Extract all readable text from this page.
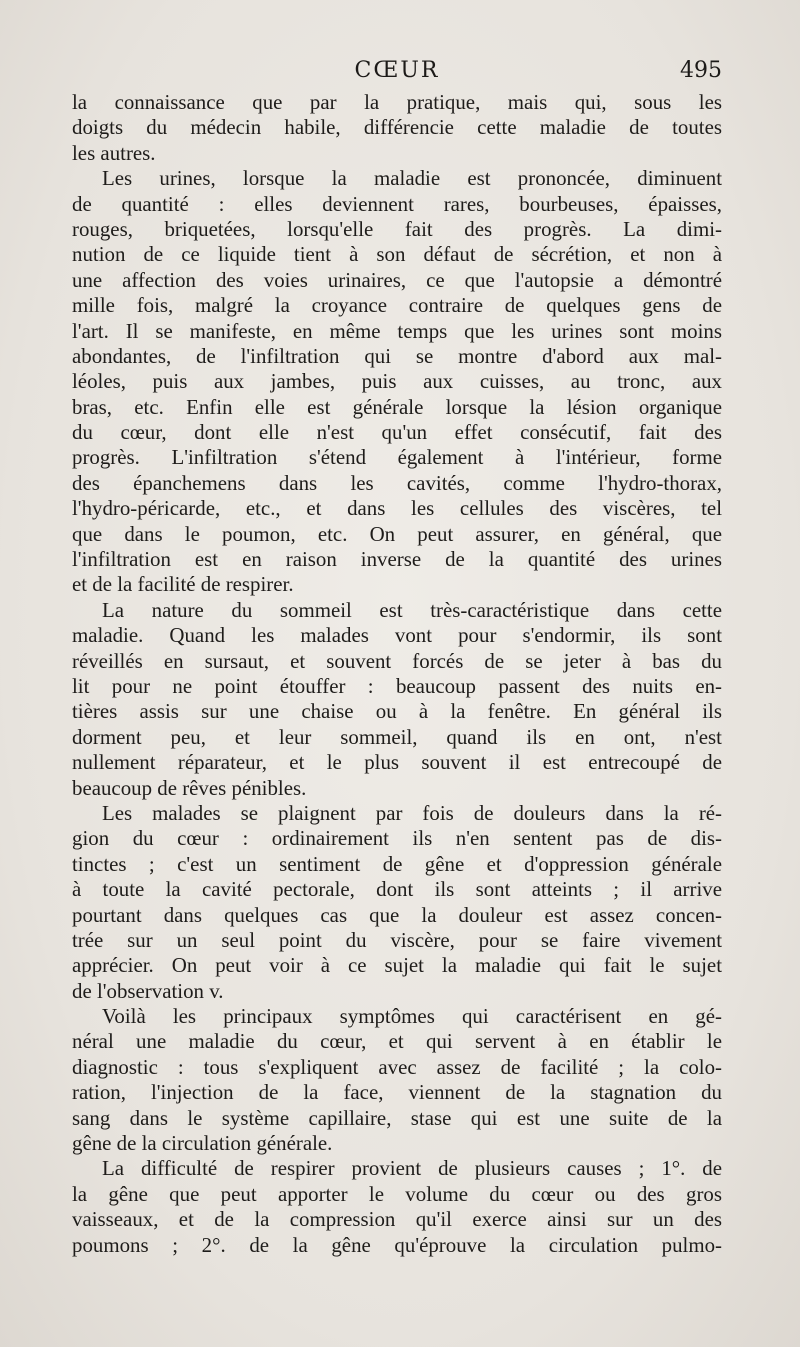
CŒUR	495
la connaissance que par la pratique, mais qui, sous les
doigts du médecin habile, différencie cette maladie de toutes
les autres.
Les urines, lorsque la maladie est prononcée, diminuent
de quantité : elles deviennent rares, bourbeuses, épaisses,
rouges, briquetées, lorsqu'elle fait des progrès. La dimi-
nution de ce liquide tient à son défaut de sécrétion, et non à
une affection des voies urinaires, ce que l'autopsie a démontré
mille fois, malgré la croyance contraire de quelques gens de
l'art. Il se manifeste, en même temps que les urines sont moins
abondantes, de l'infiltration qui se montre d'abord aux mal-
léoles, puis aux jambes, puis aux cuisses, au tronc, aux
bras, etc. Enfin elle est générale lorsque la lésion organique
du cœur, dont elle n'est qu'un effet consécutif, fait des
progrès. L'infiltration s'étend également à l'intérieur, forme
des épanchemens dans les cavités, comme l'hydro-thorax,
l'hydro-péricarde, etc., et dans les cellules des viscères, tel
que dans le poumon, etc. On peut assurer, en général, que
l'infiltration est en raison inverse de la quantité des urines
et de la facilité de respirer.
La nature du sommeil est très-caractéristique dans cette
maladie. Quand les malades vont pour s'endormir, ils sont
réveillés en sursaut, et souvent forcés de se jeter à bas du
lit pour ne point étouffer : beaucoup passent des nuits en-
tières assis sur une chaise ou à la fenêtre. En général ils
dorment peu, et leur sommeil, quand ils en ont, n'est
nullement réparateur, et le plus souvent il est entrecoupé de
beaucoup de rêves pénibles.
Les malades se plaignent par fois de douleurs dans la ré-
gion du cœur : ordinairement ils n'en sentent pas de dis-
tinctes ; c'est un sentiment de gêne et d'oppression générale
à toute la cavité pectorale, dont ils sont atteints ; il arrive
pourtant dans quelques cas que la douleur est assez concen-
trée sur un seul point du viscère, pour se faire vivement
apprécier. On peut voir à ce sujet la maladie qui fait le sujet
de l'observation v.
Voilà les principaux symptômes qui caractérisent en gé-
néral une maladie du cœur, et qui servent à en établir le
diagnostic : tous s'expliquent avec assez de facilité ; la colo-
ration, l'injection de la face, viennent de la stagnation du
sang dans le système capillaire, stase qui est une suite de la
gêne de la circulation générale.
La difficulté de respirer provient de plusieurs causes ; 1°. de
la gêne que peut apporter le volume du cœur ou des gros
vaisseaux, et de la compression qu'il exerce ainsi sur un des
poumons ; 2°. de la gêne qu'éprouve la circulation pulmo-
